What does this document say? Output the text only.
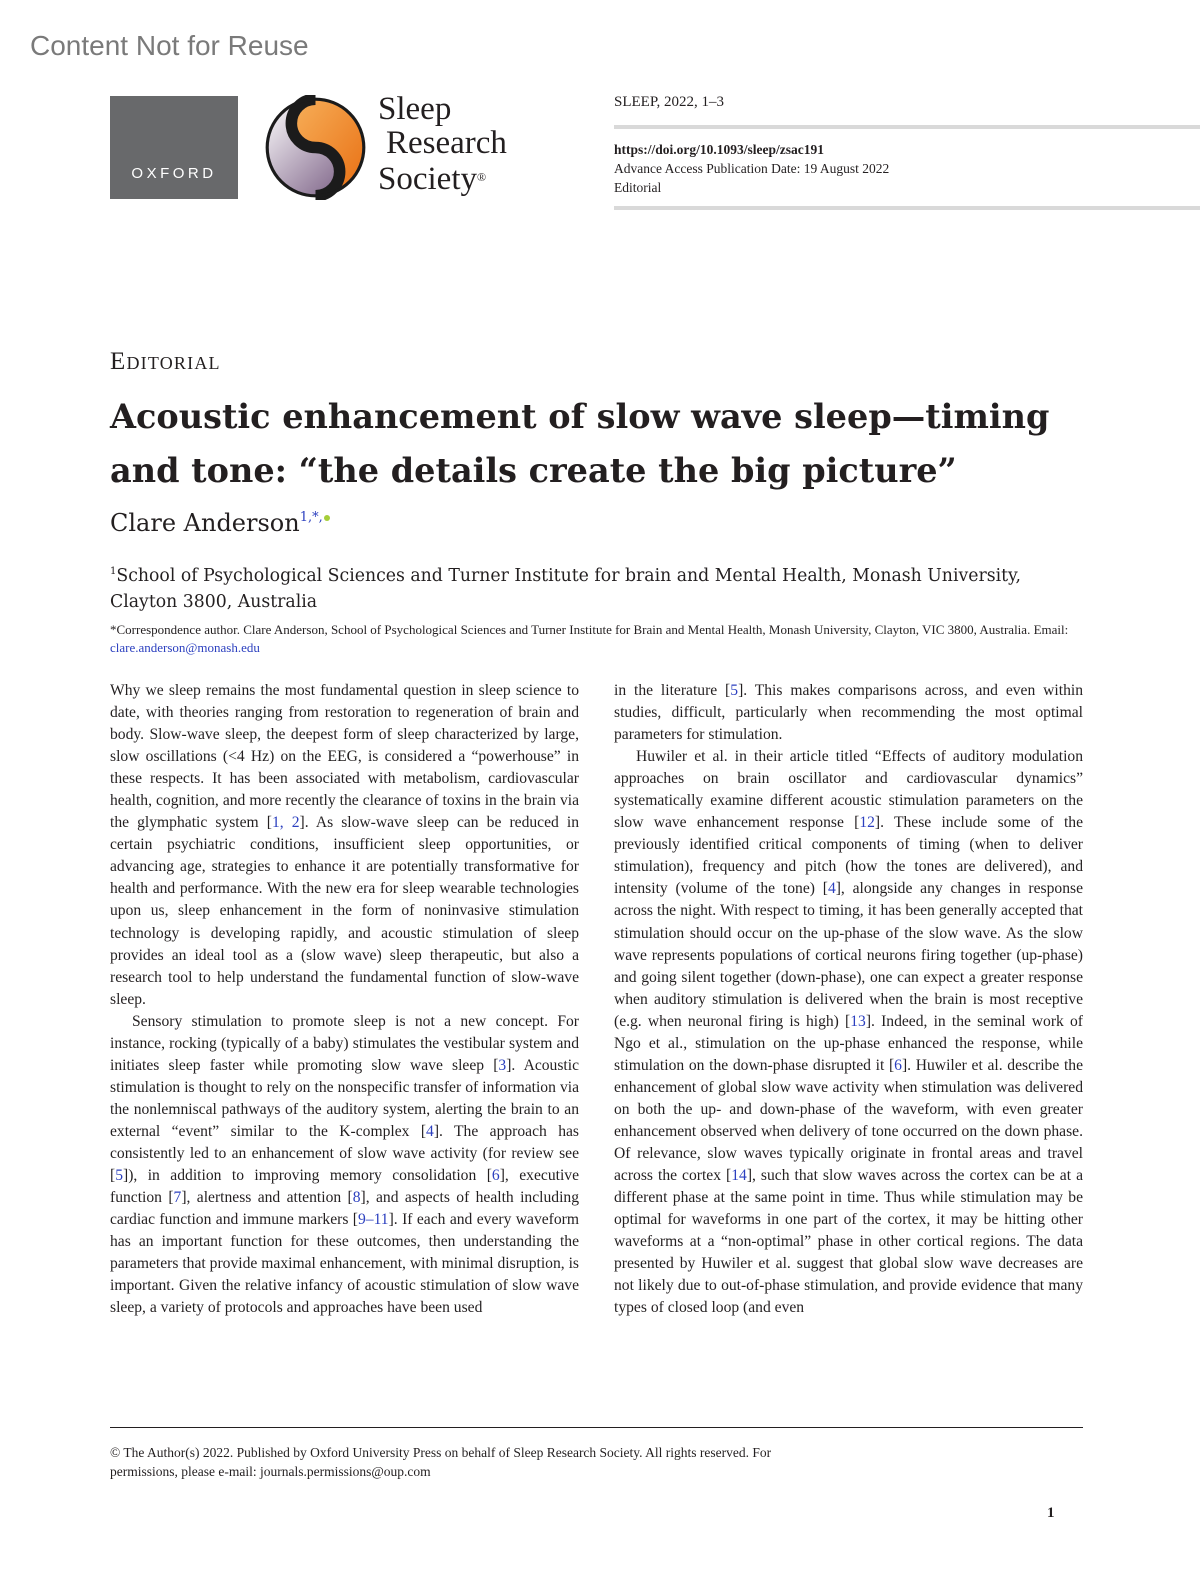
Content Not for Reuse
OXFORD
Sleep
Research
Society®
SLEEP, 2022, 1–3
https://doi.org/10.1093/sleep/zsac191
Advance Access Publication Date: 19 August 2022
Editorial
Editorial
Acoustic enhancement of slow wave sleep—timing and tone: “the details create the big picture”
Clare Anderson$^{1,*,}$
$^1$School of Psychological Sciences and Turner Institute for brain and Mental Health, Monash University, Clayton 3800, Australia
*Correspondence author. Clare Anderson, School of Psychological Sciences and Turner Institute for Brain and Mental Health, Monash University, Clayton, VIC 3800, Australia. Email: clare.anderson@monash.edu

Why we sleep remains the most fundamental question in sleep science to date, with theories ranging from restoration to regeneration of brain and body. Slow-wave sleep, the deepest form of sleep characterized by large, slow oscillations (<4 Hz) on the EEG, is considered a “powerhouse” in these respects. It has been associated with metabolism, cardiovascular health, cognition, and more recently the clearance of toxins in the brain via the glymphatic system [1, 2]. As slow-wave sleep can be reduced in certain psychiatric conditions, insufficient sleep opportunities, or advancing age, strategies to enhance it are potentially transformative for health and performance. With the new era for sleep wearable technologies upon us, sleep enhancement in the form of noninvasive stimulation technology is developing rapidly, and acoustic stimulation of sleep provides an ideal tool as a (slow wave) sleep therapeutic, but also a research tool to help understand the fundamental function of slow-wave sleep.

Sensory stimulation to promote sleep is not a new concept. For instance, rocking (typically of a baby) stimulates the vestibular system and initiates sleep faster while promoting slow wave sleep [3]. Acoustic stimulation is thought to rely on the nonspecific transfer of information via the nonlemniscal pathways of the auditory system, alerting the brain to an external “event” similar to the K-complex [4]. The approach has consistently led to an enhancement of slow wave activity (for review see [5]), in addition to improving memory consolidation [6], executive function [7], alertness and attention [8], and aspects of health including cardiac function and immune markers [9–11]. If each and every waveform has an important function for these outcomes, then understanding the parameters that provide maximal enhancement, with minimal disruption, is important. Given the relative infancy of acoustic stimulation of slow wave sleep, a variety of protocols and approaches have been used

in the literature [5]. This makes comparisons across, and even within studies, difficult, particularly when recommending the most optimal parameters for stimulation.

Huwiler et al. in their article titled “Effects of auditory modulation approaches on brain oscillator and cardiovascular dynamics” systematically examine different acoustic stimulation parameters on the slow wave enhancement response [12]. These include some of the previously identified critical components of timing (when to deliver stimulation), frequency and pitch (how the tones are delivered), and intensity (volume of the tone) [4], alongside any changes in response across the night. With respect to timing, it has been generally accepted that stimulation should occur on the up-phase of the slow wave. As the slow wave represents populations of cortical neurons firing together (up-phase) and going silent together (down-phase), one can expect a greater response when auditory stimulation is delivered when the brain is most receptive (e.g. when neuronal firing is high) [13]. Indeed, in the seminal work of Ngo et al., stimulation on the up-phase enhanced the response, while stimulation on the down-phase disrupted it [6]. Huwiler et al. describe the enhancement of global slow wave activity when stimulation was delivered on both the up- and down-phase of the waveform, with even greater enhancement observed when delivery of tone occurred on the down phase. Of relevance, slow waves typically originate in frontal areas and travel across the cortex [14], such that slow waves across the cortex can be at a different phase at the same point in time. Thus while stimulation may be optimal for waveforms in one part of the cortex, it may be hitting other waveforms at a “non-optimal” phase in other cortical regions. The data presented by Huwiler et al. suggest that global slow wave decreases are not likely due to out-of-phase stimulation, and provide evidence that many types of closed loop (and even

© The Author(s) 2022. Published by Oxford University Press on behalf of Sleep Research Society. All rights reserved. For permissions, please e-mail: journals.permissions@oup.com
1
